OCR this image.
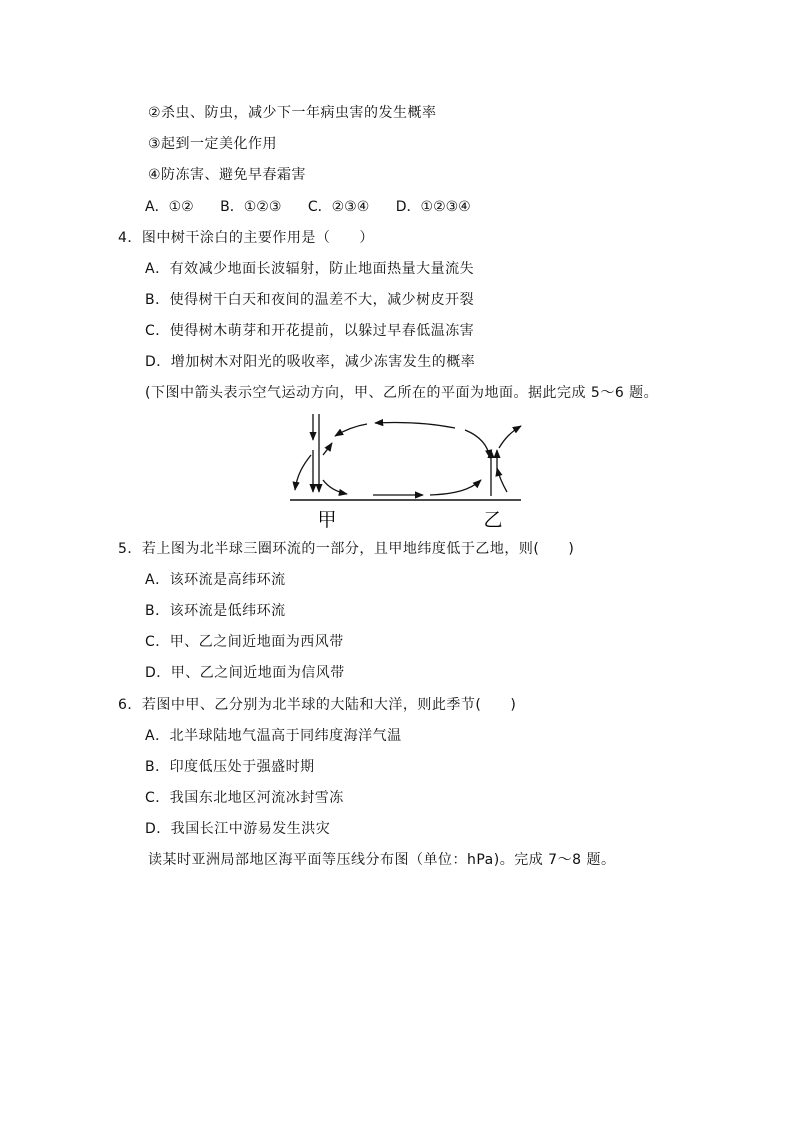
②杀虫、防虫，减少下一年病虫害的发生概率
③起到一定美化作用
④防冻害、避免早春霜害
A．①② B．①②③ C．②③④ D．①②③④
4．图中树干涂白的主要作用是（　　）
A．有效减少地面长波辐射，防止地面热量大量流失
B．使得树干白天和夜间的温差不大，减少树皮开裂
C．使得树木萌芽和开花提前，以躲过早春低温冻害
D．增加树木对阳光的吸收率，减少冻害发生的概率
(下图中箭头表示空气运动方向，甲、乙所在的平面为地面。据此完成 5～6 题。
甲	乙
5．若上图为北半球三圈环流的一部分，且甲地纬度低于乙地，则(　　)
A．该环流是高纬环流
B．该环流是低纬环流
C．甲、乙之间近地面为西风带
D．甲、乙之间近地面为信风带
6．若图中甲、乙分别为北半球的大陆和大洋，则此季节(　　)
A．北半球陆地气温高于同纬度海洋气温
B．印度低压处于强盛时期
C．我国东北地区河流冰封雪冻
D．我国长江中游易发生洪灾
读某时亚洲局部地区海平面等压线分布图（单位：hPa)。完成 7～8 题。
